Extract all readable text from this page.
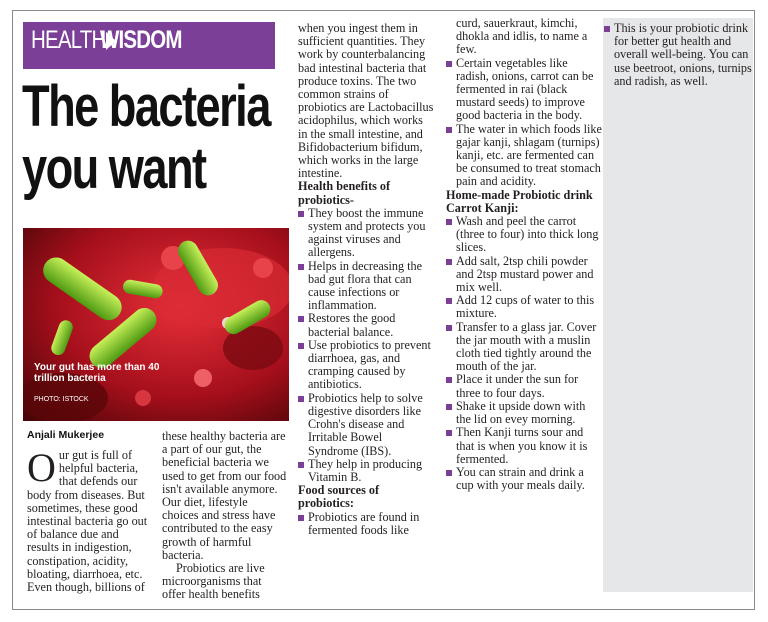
HEALTHWISDOM
The bacteria
you want
Your gut has more than 40 trillion bacteria
PHOTO: ISTOCK
Anjali Mukerjee

Our gut is full of helpful bacteria, that defends our body from diseases. But sometimes, these good intestinal bacteria go out of balance due and results in indigestion, constipation, acidity, bloating, diarrhoea, etc. Even though, billions of

these healthy bacteria are a part of our gut, the beneficial bacteria we used to get from our food isn't available anymore. Our diet, lifestyle choices and stress have contributed to the easy growth of harmful bacteria.

Probiotics are live microorganisms that offer health benefits

when you ingest them in sufficient quantities. They work by counterbalancing bad intestinal bacteria that produce toxins. The two common strains of probiotics are Lactobacillus acidophilus, which works in the small intestine, and Bifidobacterium bifidum, which works in the large intestine.

Health benefits of probiotics-

They boost the immune system and protects you against viruses and allergens.

Helps in decreasing the bad gut flora that can cause infections or inflammation.

Restores the good bacterial balance.

Use probiotics to prevent diarrhoea, gas, and cramping caused by antibiotics.

Probiotics help to solve digestive disorders like Crohn's disease and Irritable Bowel Syndrome (IBS).

They help in producing Vitamin B.

Food sources of probiotics:

Probiotics are found in fermented foods like

curd, sauerkraut, kimchi, dhokla and idlis, to name a few.

Certain vegetables like radish, onions, carrot can be fermented in rai (black mustard seeds) to improve good bacteria in the body.

The water in which foods like gajar kanji, shlagam (turnips) kanji, etc. are fermented can be consumed to treat stomach pain and acidity.

Home-made Probiotic drink

Carrot Kanji:

Wash and peel the carrot (three to four) into thick long slices.

Add salt, 2tsp chili powder and 2tsp mustard power and mix well.

Add 12 cups of water to this mixture.

Transfer to a glass jar. Cover the jar mouth with a muslin cloth tied tightly around the mouth of the jar.

Place it under the sun for three to four days.

Shake it upside down with the lid on evey morning.

Then Kanji turns sour and that is when you know it is fermented.

You can strain and drink a cup with your meals daily.

This is your probiotic drink for better gut health and overall well-being. You can use beetroot, onions, turnips and radish, as well.
